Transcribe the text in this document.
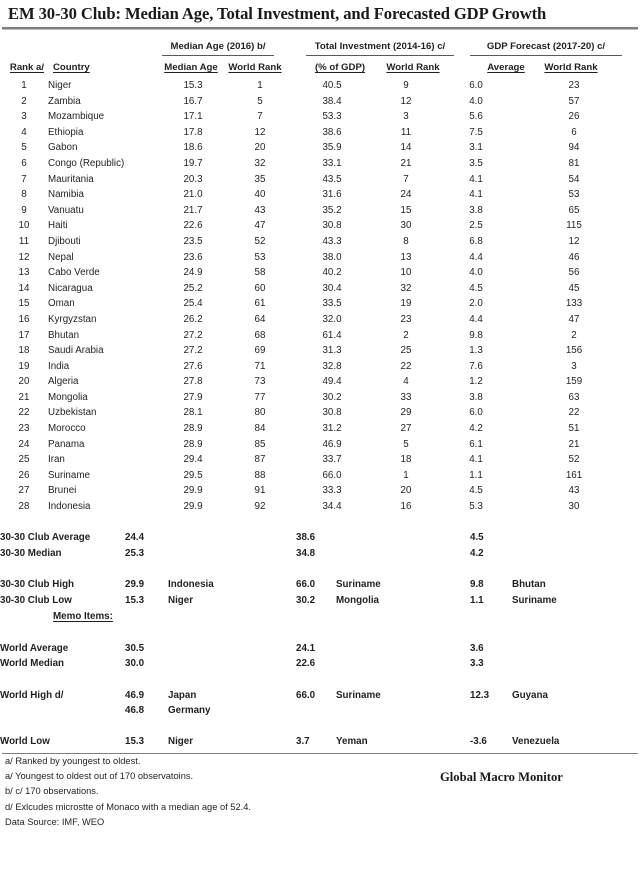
EM 30-30 Club: Median Age, Total Investment, and Forecasted GDP Growth
Median Age (2016) b/	Total Investment (2014-16) c/	GDP Forecast (2017-20) c/
Rank a/ Country	Median Age	World Rank	(% of GDP)	World Rank	Average	World Rank
1	Niger	15.3	1	40.5	9	6.0	23
2	Zambia	16.7	5	38.4	12	4.0	57
3	Mozambique	17.1	7	53.3	3	5.6	26
4	Ethiopia	17.8	12	38.6	11	7.5	6
5	Gabon	18.6	20	35.9	14	3.1	94
6	Congo (Republic)	19.7	32	33.1	21	3.5	81
7	Mauritania	20.3	35	43.5	7	4.1	54
8	Namibia	21.0	40	31.6	24	4.1	53
9	Vanuatu	21.7	43	35.2	15	3.8	65
10	Haiti	22.6	47	30.8	30	2.5	115
11	Djibouti	23.5	52	43.3	8	6.8	12
12	Nepal	23.6	53	38.0	13	4.4	46
13	Cabo Verde	24.9	58	40.2	10	4.0	56
14	Nicaragua	25.2	60	30.4	32	4.5	45
15	Oman	25.4	61	33.5	19	2.0	133
16	Kyrgyzstan	26.2	64	32.0	23	4.4	47
17	Bhutan	27.2	68	61.4	2	9.8	2
18	Saudi Arabia	27.2	69	31.3	25	1.3	156
19	India	27.6	71	32.8	22	7.6	3
20	Algeria	27.8	73	49.4	4	1.2	159
21	Mongolia	27.9	77	30.2	33	3.8	63
22	Uzbekistan	28.1	80	30.8	29	6.0	22
23	Morocco	28.9	84	31.2	27	4.2	51
24	Panama	28.9	85	46.9	5	6.1	21
25	Iran	29.4	87	33.7	18	4.1	52
26	Suriname	29.5	88	66.0	1	1.1	161
27	Brunei	29.9	91	33.3	20	4.5	43
28	Indonesia	29.9	92	34.4	16	5.3	30

30-30 Club Average	24.4		38.6		4.5	
30-30 Median	25.3		34.8		4.2	

30-30 Club High	29.9	Indonesia	66.0	Suriname	9.8	Bhutan
30-30 Club Low	15.3	Niger	30.2	Mongolia	1.1	Suriname
Memo Items:

World Average	30.5		24.1		3.6	
World Median	30.0		22.6		3.3	

World High d/	46.9	Japan	66.0	Suriname	12.3	Guyana
	46.8	Germany				

World Low	15.3	Niger	3.7	Yeman	-3.6	Venezuela
a/ Ranked by youngest to oldest.
a/ Youngest to oldest out of 170 observatoins.
b/ c/ 170 observations.
d/ Exlcudes microstte of Monaco with a median age of 52.4.
Data Source: IMF, WEO
Global Macro Monitor
